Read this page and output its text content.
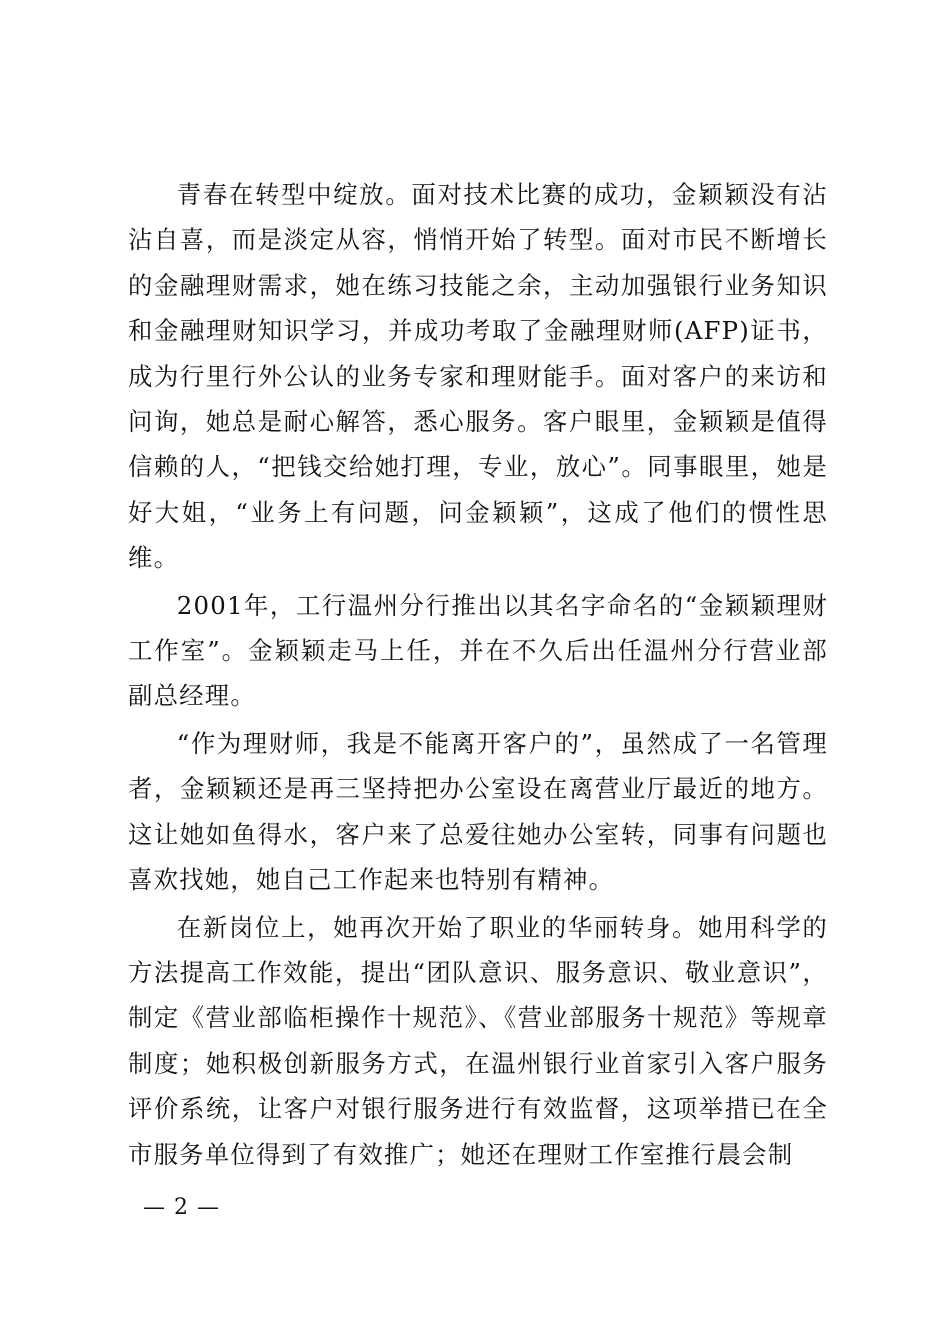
青春在转型中绽放。面对技术比赛的成功，金颖颖没有沾沾自喜，而是淡定从容，悄悄开始了转型。面对市民不断增长的金融理财需求，她在练习技能之余，主动加强银行业务知识和金融理财知识学习，并成功考取了金融理财师(AFP)证书，成为行里行外公认的业务专家和理财能手。面对客户的来访和问询，她总是耐心解答，悉心服务。客户眼里，金颖颖是值得信赖的人，“把钱交给她打理，专业，放心”。同事眼里，她是好大姐，“业务上有问题，问金颖颖”，这成了他们的惯性思维。

2001年，工行温州分行推出以其名字命名的“金颖颖理财工作室”。金颖颖走马上任，并在不久后出任温州分行营业部副总经理。

“作为理财师，我是不能离开客户的”，虽然成了一名管理者，金颖颖还是再三坚持把办公室设在离营业厅最近的地方。这让她如鱼得水，客户来了总爱往她办公室转，同事有问题也喜欢找她，她自己工作起来也特别有精神。

在新岗位上，她再次开始了职业的华丽转身。她用科学的方法提高工作效能，提出“团队意识、服务意识、敬业意识”，制定《营业部临柜操作十规范》、《营业部服务十规范》等规章制度；她积极创新服务方式，在温州银行业首家引入客户服务评价系统，让客户对银行服务进行有效监督，这项举措已在全市服务单位得到了有效推广；她还在理财工作室推行晨会制

— 2 —
